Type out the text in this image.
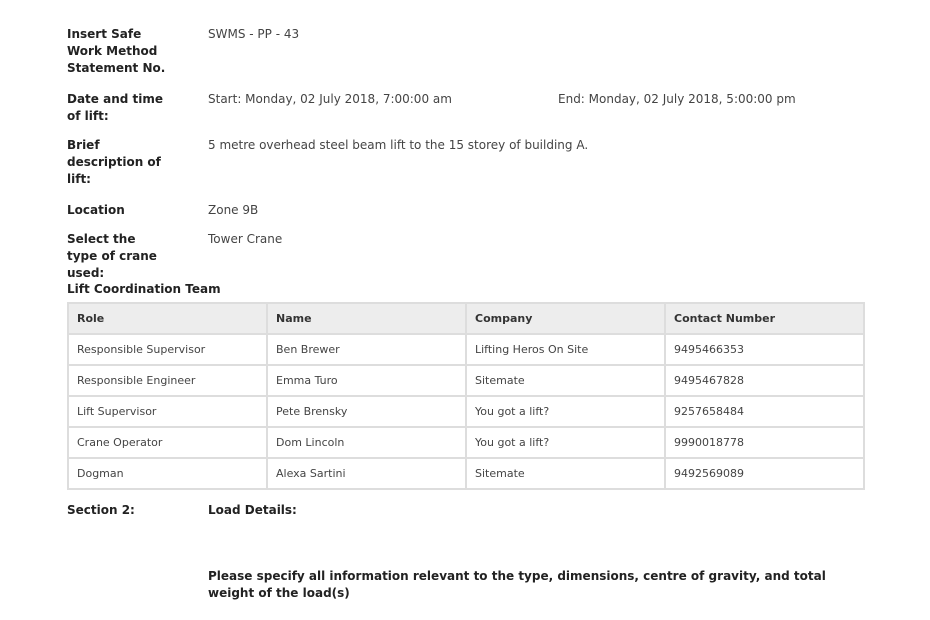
Insert Safe Work Method Statement No.
SWMS - PP - 43
Date and time of lift:
Start: Monday, 02 July 2018, 7:00:00 am	End: Monday, 02 July 2018, 5:00:00 pm
Brief description of lift:
5 metre overhead steel beam lift to the 15 storey of building A.
Location	Zone 9B
Select the type of crane used:
Tower Crane
Lift Coordination Team
Role	Name	Company	Contact Number
Responsible Supervisor	Ben Brewer	Lifting Heros On Site	9495466353
Responsible Engineer	Emma Turo	Sitemate	9495467828
Lift Supervisor	Pete Brensky	You got a lift?	9257658484
Crane Operator	Dom Lincoln	You got a lift?	9990018778
Dogman	Alexa Sartini	Sitemate	9492569089
Section 2:	Load Details:
Please specify all information relevant to the type, dimensions, centre of gravity, and total weight of the load(s)
